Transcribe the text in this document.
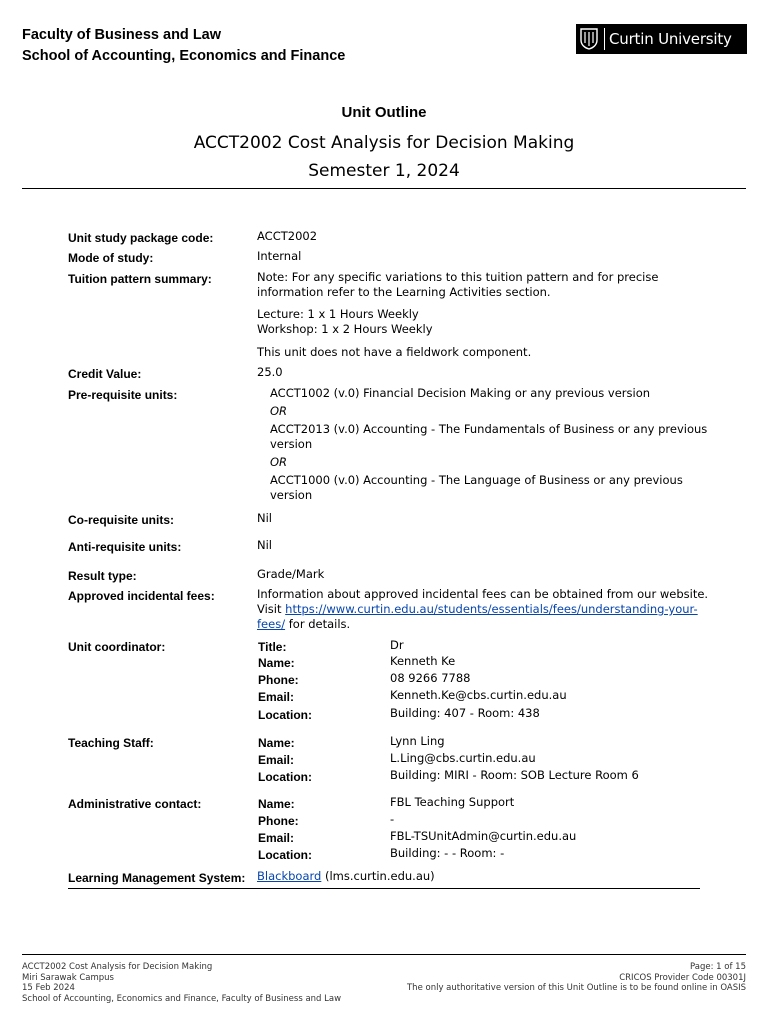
Faculty of Business and Law
School of Accounting, Economics and Finance
Curtin University
Unit Outline
ACCT2002 Cost Analysis for Decision Making
Semester 1, 2024
Unit study package code:	ACCT2002
Mode of study:	Internal
Tuition pattern summary:	Note: For any specific variations to this tuition pattern and for precise
information refer to the Learning Activities section.
Lecture: 1 x 1 Hours Weekly
Workshop: 1 x 2 Hours Weekly
This unit does not have a fieldwork component.
Credit Value:	25.0
Pre-requisite units:	ACCT1002 (v.0) Financial Decision Making or any previous version
OR
ACCT2013 (v.0) Accounting - The Fundamentals of Business or any previous
version
OR
ACCT1000 (v.0) Accounting - The Language of Business or any previous
version
Co-requisite units:	Nil
Anti-requisite units:	Nil
Result type:	Grade/Mark
Approved incidental fees:	Information about approved incidental fees can be obtained from our website.
Visit https://www.curtin.edu.au/students/essentials/fees/understanding-your-
fees/ for details.
Unit coordinator:	Title:	Dr
Name:	Kenneth Ke
Phone:	08 9266 7788
Email:	Kenneth.Ke@cbs.curtin.edu.au
Location:	Building: 407 - Room: 438
Teaching Staff:	Name:	Lynn Ling
Email:	L.Ling@cbs.curtin.edu.au
Location:	Building: MIRI - Room: SOB Lecture Room 6
Administrative contact:	Name:	FBL Teaching Support
Phone:	-
Email:	FBL-TSUnitAdmin@curtin.edu.au
Location:	Building: - - Room: -
Learning Management System: Blackboard (lms.curtin.edu.au)
ACCT2002 Cost Analysis for Decision Making
Miri Sarawak Campus
15 Feb 2024
School of Accounting, Economics and Finance, Faculty of Business and Law
Page: 1 of 15
CRICOS Provider Code 00301J
The only authoritative version of this Unit Outline is to be found online in OASIS
